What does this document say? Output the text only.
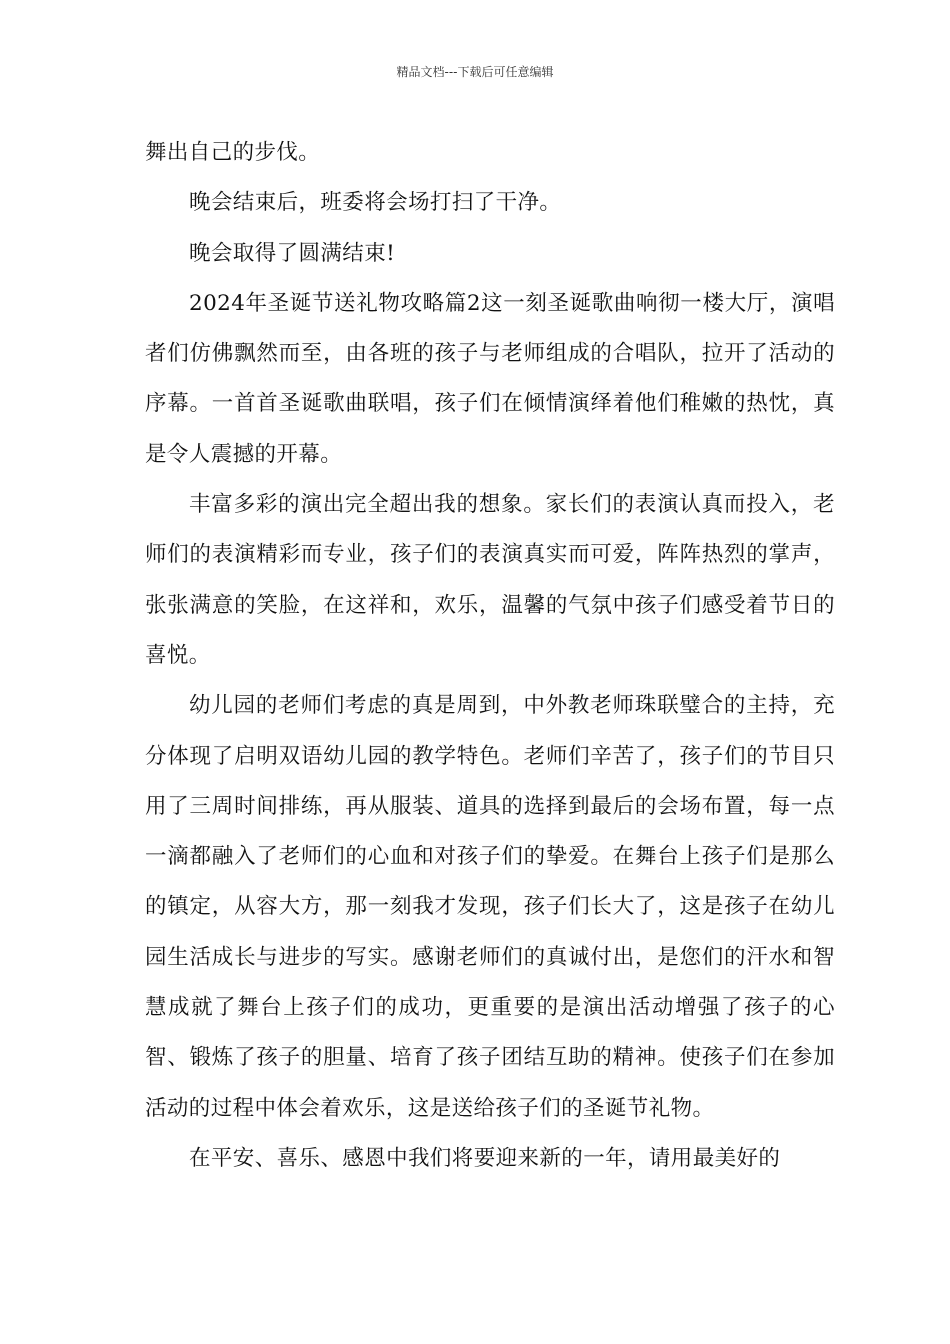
精品文档---下载后可任意编辑

舞出自己的步伐。

晚会结束后，班委将会场打扫了干净。

晚会取得了圆满结束!

2024年圣诞节送礼物攻略篇2这一刻圣诞歌曲响彻一楼大厅，演唱者们仿佛飘然而至，由各班的孩子与老师组成的合唱队，拉开了活动的序幕。一首首圣诞歌曲联唱，孩子们在倾情演绎着他们稚嫩的热忱，真是令人震撼的开幕。

丰富多彩的演出完全超出我的想象。家长们的表演认真而投入，老师们的表演精彩而专业，孩子们的表演真实而可爱，阵阵热烈的掌声，张张满意的笑脸，在这祥和，欢乐，温馨的气氛中孩子们感受着节日的喜悦。

幼儿园的老师们考虑的真是周到，中外教老师珠联璧合的主持，充分体现了启明双语幼儿园的教学特色。老师们辛苦了，孩子们的节目只用了三周时间排练，再从服装、道具的选择到最后的会场布置，每一点一滴都融入了老师们的心血和对孩子们的挚爱。在舞台上孩子们是那么的镇定，从容大方，那一刻我才发现，孩子们长大了，这是孩子在幼儿园生活成长与进步的写实。感谢老师们的真诚付出，是您们的汗水和智慧成就了舞台上孩子们的成功，更重要的是演出活动增强了孩子的心智、锻炼了孩子的胆量、培育了孩子团结互助的精神。使孩子们在参加活动的过程中体会着欢乐，这是送给孩子们的圣诞节礼物。

在平安、喜乐、感恩中我们将要迎来新的一年，请用最美好的
